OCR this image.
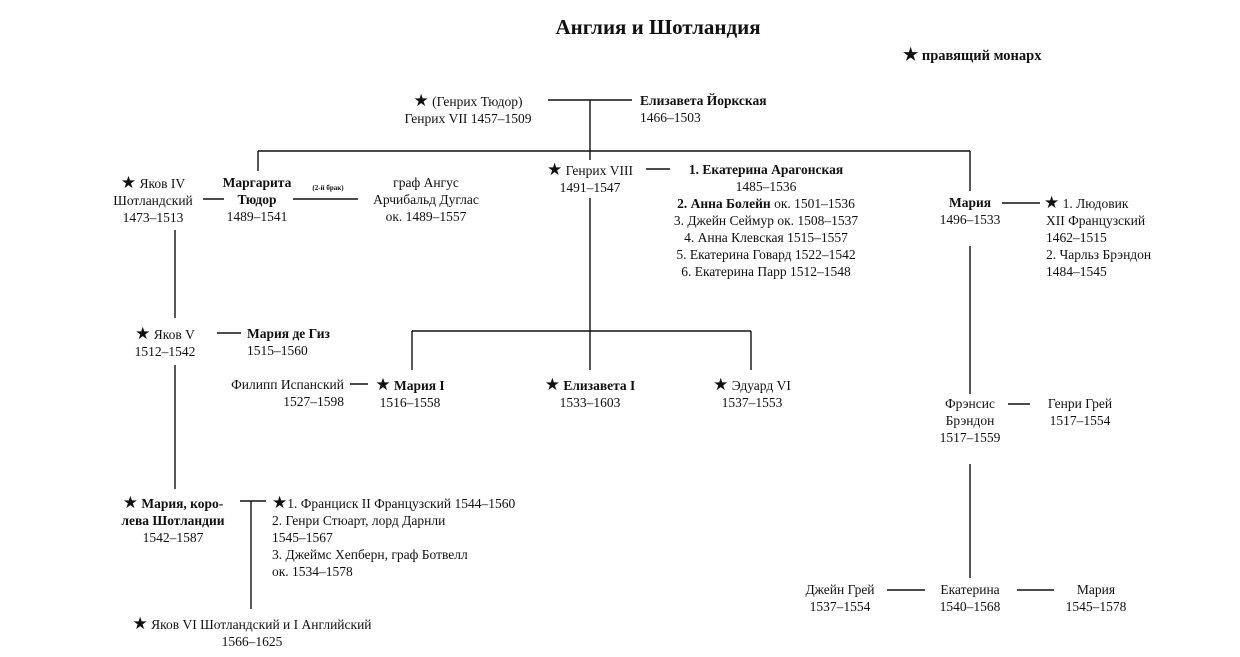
Англия и Шотландия
★ правящий монарх
★ (Генрих Тюдор)
Генрих VII 1457–1509
Елизавета Йоркская
1466–1503
★ Яков IV
Шотландский
1473–1513
Маргарита
Тюдор
1489–1541
(2-й брак)	граф Ангус
Арчибальд Дуглас
ок. 1489–1557
★ Генрих VIII
1491–1547
1. Екатерина Арагонская
1485–1536
2. Анна Болейн ок. 1501–1536
3. Джейн Сеймур ок. 1508–1537
4. Анна Клевская 1515–1557
5. Екатерина Говард 1522–1542
6. Екатерина Парр 1512–1548
Мария
1496–1533
★ 1. Людовик
XII Французский
1462–1515
2. Чарльз Брэндон
1484–1545
★ Яков V
1512–1542
Мария де Гиз
1515–1560
Филипп Испанский
1527–1598
★ Мария I
1516–1558
★ Елизавета I
1533–1603
★ Эдуард VI
1537–1553	Фрэнсис
Брэндон
1517–1559
Генри Грей
1517–1554
★ Мария, коро-
лева Шотландии
1542–1587
★1. Франциск II Французский 1544–1560
2. Генри Стюарт, лорд Дарнли
1545–1567
3. Джеймс Хепберн, граф Ботвелл
ок. 1534–1578
★ Яков VI Шотландский и I Английский
1566–1625
Джейн Грей
1537–1554
Екатерина
1540–1568
Мария
1545–1578
